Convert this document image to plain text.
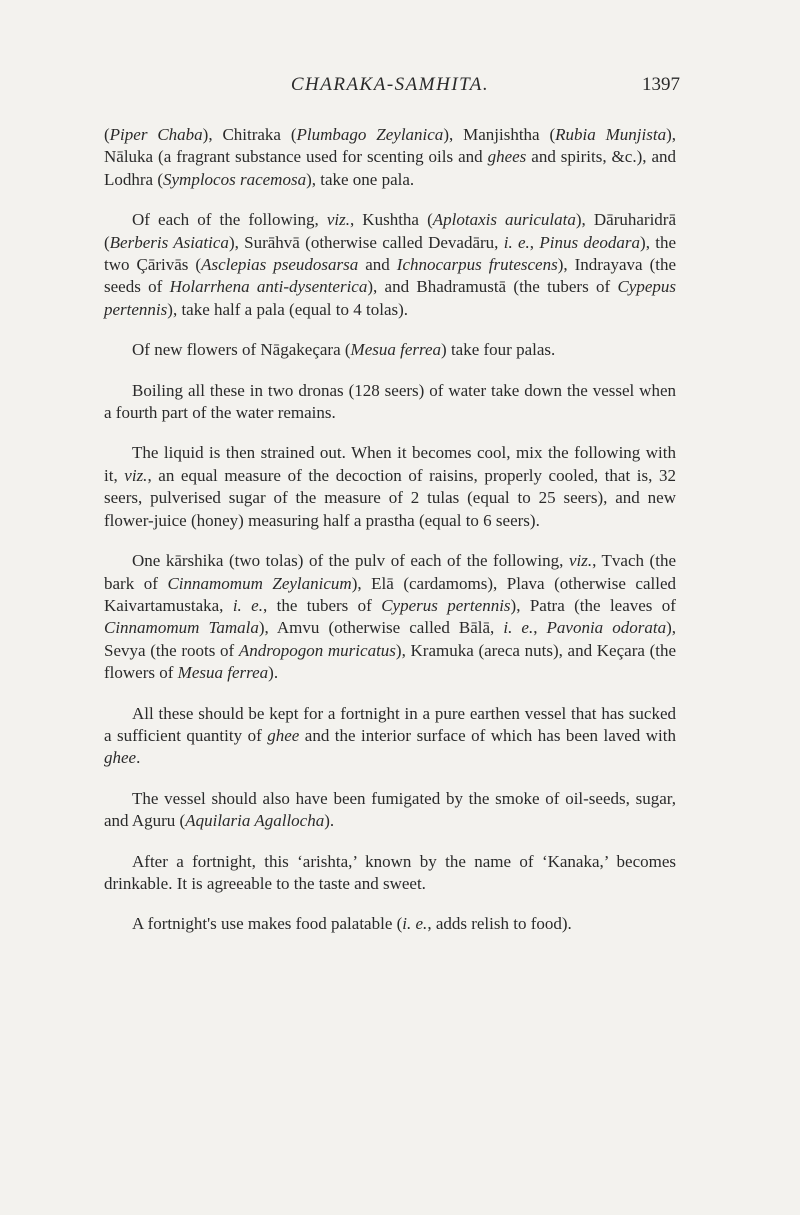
CHARAKA-SAMHITA.	1397

(Piper Chaba), Chitraka (Plumbago Zeylanica), Manjishtha (Rubia Munjista), Nāluka (a fragrant substance used for scenting oils and ghees and spirits, &c.), and Lodhra (Symplocos racemosa), take one pala.

Of each of the following, viz., Kushtha (Aplotaxis auriculata), Dāruharidrā (Berberis Asiatica), Surāhvā (otherwise called Devadāru, i. e., Pinus deodara), the two Çārivās (Asclepias pseudosarsa and Ichnocarpus frutescens), Indrayava (the seeds of Holarrhena anti-dysenterica), and Bhadramustā (the tubers of Cypepus pertennis), take half a pala (equal to 4 tolas).

Of new flowers of Nāgakeçara (Mesua ferrea) take four palas.

Boiling all these in two dronas (128 seers) of water take down the vessel when a fourth part of the water remains.

The liquid is then strained out. When it becomes cool, mix the following with it, viz., an equal measure of the decoction of raisins, properly cooled, that is, 32 seers, pulverised sugar of the measure of 2 tulas (equal to 25 seers), and new flower-juice (honey) measuring half a prastha (equal to 6 seers).

One kārshika (two tolas) of the pulv of each of the following, viz., Tvach (the bark of Cinnamomum Zeylanicum), Elā (cardamoms), Plava (otherwise called Kaivartamustaka, i. e., the tubers of Cyperus pertennis), Patra (the leaves of Cinnamomum Tamala), Amvu (otherwise called Bālā, i. e., Pavonia odorata), Sevya (the roots of Andropogon muricatus), Kramuka (areca nuts), and Keçara (the flowers of Mesua ferrea).

All these should be kept for a fortnight in a pure earthen vessel that has sucked a sufficient quantity of ghee and the interior surface of which has been laved with ghee.

The vessel should also have been fumigated by the smoke of oil-seeds, sugar, and Aguru (Aquilaria Agallocha).

After a fortnight, this ‘arishta,’ known by the name of ‘Kanaka,’ becomes drinkable. It is agreeable to the taste and sweet.

A fortnight's use makes food palatable (i. e., adds relish to food).
